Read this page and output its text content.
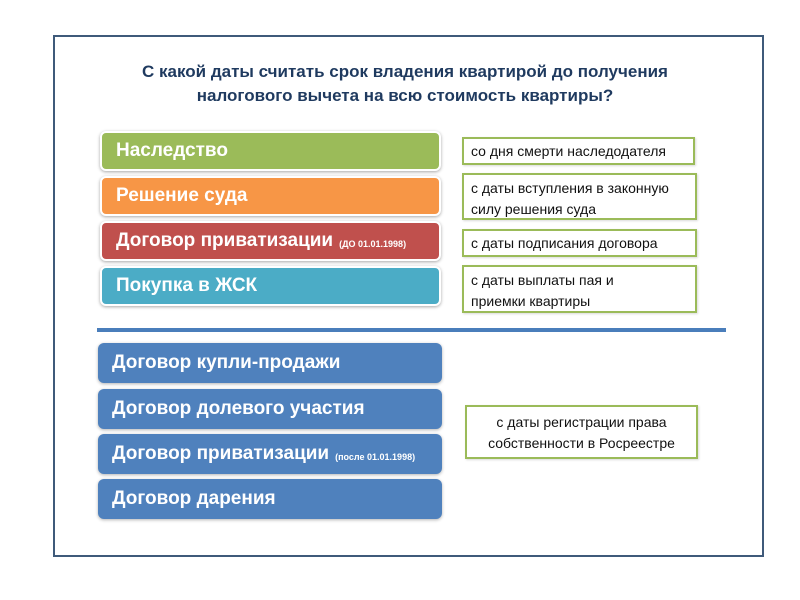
С какой даты считать срок владения квартирой до получения
налогового вычета на всю стоимость квартиры?
Наследство
Решение суда
Договор приватизации (ДО 01.01.1998)
Покупка в ЖСК
со дня смерти наследодателя
с даты вступления в законную
силу решения суда
с даты подписания договора
с даты выплаты пая и
приемки квартиры
Договор купли-продажи
Договор долевого участия
Договор приватизации (после 01.01.1998)
Договор дарения
с даты регистрации права
собственности в Росреестре
